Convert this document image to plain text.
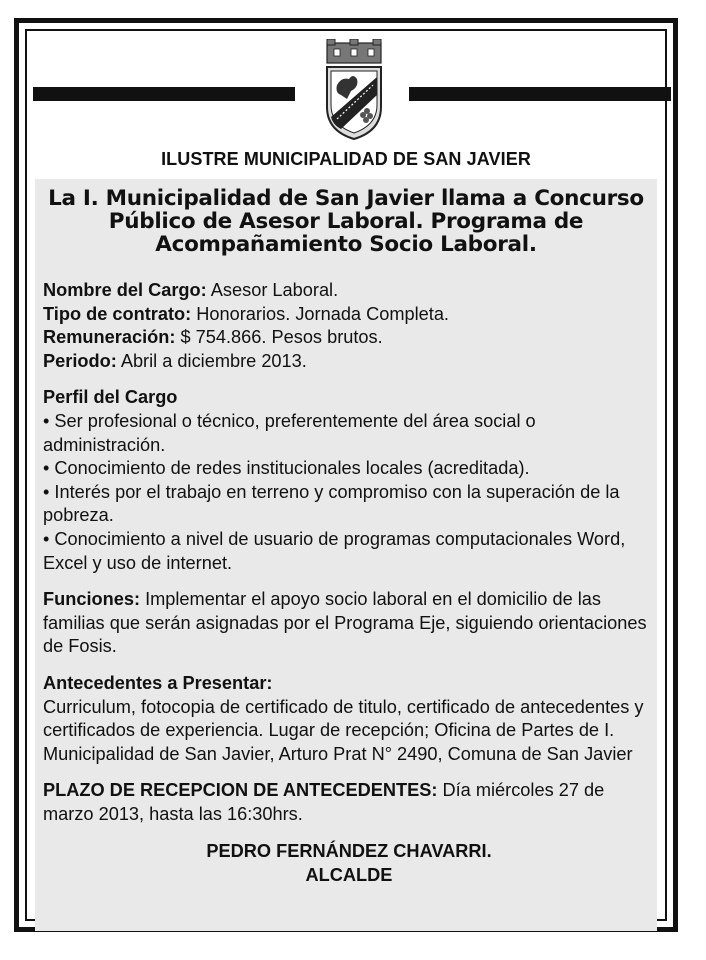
ILUSTRE MUNICIPALIDAD DE SAN JAVIER
La I. Municipalidad de San Javier llama a Concurso Público de Asesor Laboral. Programa de Acompañamiento Socio Laboral.

Nombre del Cargo: Asesor Laboral.

Tipo de contrato: Honorarios. Jornada Completa.

Remuneración: $ 754.866. Pesos brutos.

Periodo: Abril a diciembre 2013.

Perfil del Cargo

• Ser profesional o técnico, preferentemente del área social o administración.

• Conocimiento de redes institucionales locales (acreditada).

• Interés por el trabajo en terreno y compromiso con la superación de la pobreza.

• Conocimiento a nivel de usuario de programas computacionales Word, Excel y uso de internet.

Funciones: Implementar el apoyo socio laboral en el domicilio de las familias que serán asignadas por el Programa Eje, siguiendo orientaciones de Fosis.

Antecedentes a Presentar:

Curriculum, fotocopia de certificado de titulo, certificado de antecedentes y certificados de experiencia. Lugar de recepción; Oficina de Partes de I. Municipalidad de San Javier, Arturo Prat N° 2490, Comuna de San Javier

PLAZO DE RECEPCION DE ANTECEDENTES: Día miércoles 27 de marzo 2013, hasta las 16:30hrs.

PEDRO FERNÁNDEZ CHAVARRI.
ALCALDE
